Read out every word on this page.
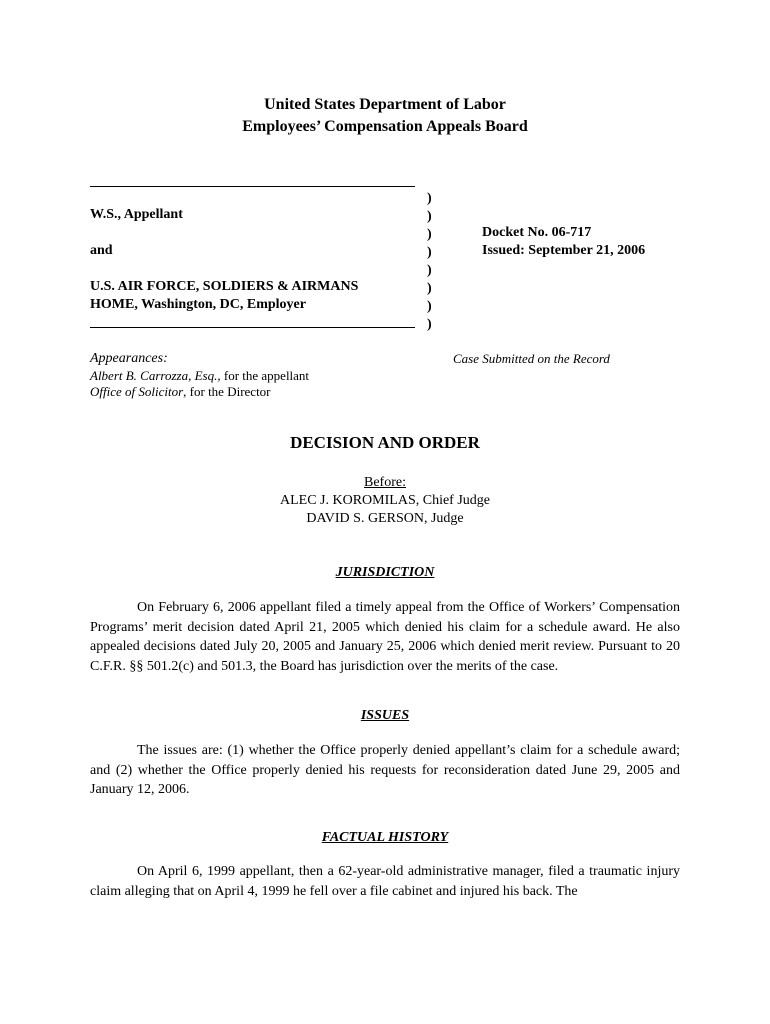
United States Department of Labor
Employees’ Compensation Appeals Board
W.S., Appellant
and
U.S. AIR FORCE, SOLDIERS & AIRMANS
HOME, Washington, DC, Employer
)
)
)
)
)
)
)
)
Docket No. 06-717
Issued: September 21, 2006
Appearances:	Case Submitted on the Record
Albert B. Carrozza, Esq., for the appellant
Office of Solicitor, for the Director
DECISION AND ORDER
Before:
ALEC J. KOROMILAS, Chief Judge
DAVID S. GERSON, Judge
JURISDICTION
On February 6, 2006 appellant filed a timely appeal from the Office of Workers’ Compensation Programs’ merit decision dated April 21, 2005 which denied his claim for a schedule award. He also appealed decisions dated July 20, 2005 and January 25, 2006 which denied merit review. Pursuant to 20 C.F.R. §§ 501.2(c) and 501.3, the Board has jurisdiction over the merits of the case.
ISSUES
The issues are: (1) whether the Office properly denied appellant’s claim for a schedule award; and (2) whether the Office properly denied his requests for reconsideration dated June 29, 2005 and January 12, 2006.
FACTUAL HISTORY
On April 6, 1999 appellant, then a 62-year-old administrative manager, filed a traumatic injury claim alleging that on April 4, 1999 he fell over a file cabinet and injured his back. The
